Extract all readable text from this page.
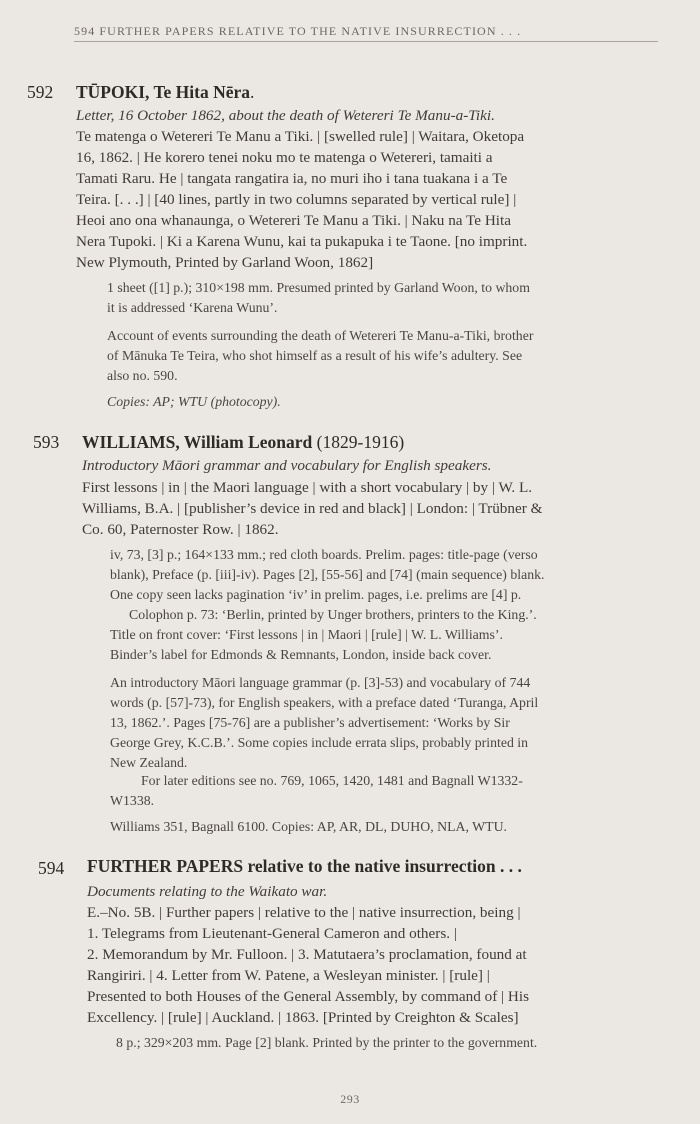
594 FURTHER PAPERS RELATIVE TO THE NATIVE INSURRECTION . . .
592 TŪPOKI, Te Hita Nēra.
Letter, 16 October 1862, about the death of Wetereri Te Manu-a-Tiki.
Te matenga o Wetereri Te Manu a Tiki. | [swelled rule] | Waitara, Oketopa
16, 1862. | He korero tenei noku mo te matenga o Wetereri, tamaiti a
Tamati Raru. He | tangata rangatira ia, no muri iho i tana tuakana i a Te
Teira. [. . .] | [40 lines, partly in two columns separated by vertical rule] |
Heoi ano ona whanaunga, o Wetereri Te Manu a Tiki. | Naku na Te Hita
Nera Tupoki. | Ki a Karena Wunu, kai ta pukapuka i te Taone. [no imprint.
New Plymouth, Printed by Garland Woon, 1862]
1 sheet ([1] p.); 310×198 mm. Presumed printed by Garland Woon, to whom
it is addressed ‘Karena Wunu’.
Account of events surrounding the death of Wetereri Te Manu-a-Tiki, brother
of Mānuka Te Teira, who shot himself as a result of his wife’s adultery. See
also no. 590.
Copies: AP; WTU (photocopy).
593 WILLIAMS, William Leonard (1829-1916)
Introductory Māori grammar and vocabulary for English speakers.
First lessons | in | the Maori language | with a short vocabulary | by | W. L.
Williams, B.A. | [publisher’s device in red and black] | London: | Trübner &
Co. 60, Paternoster Row. | 1862.
iv, 73, [3] p.; 164×133 mm.; red cloth boards. Prelim. pages: title-page (verso
blank), Preface (p. [iii]-iv). Pages [2], [55-56] and [74] (main sequence) blank.
One copy seen lacks pagination ‘iv’ in prelim. pages, i.e. prelims are [4] p.
Colophon p. 73: ‘Berlin, printed by Unger brothers, printers to the King.’.
Title on front cover: ‘First lessons | in | Maori | [rule] | W. L. Williams’.
Binder’s label for Edmonds & Remnants, London, inside back cover.
An introductory Māori language grammar (p. [3]-53) and vocabulary of 744
words (p. [57]-73), for English speakers, with a preface dated ‘Turanga, April
13, 1862.’. Pages [75-76] are a publisher’s advertisement: ‘Works by Sir
George Grey, K.C.B.’. Some copies include errata slips, probably printed in
New Zealand.
For later editions see no. 769, 1065, 1420, 1481 and Bagnall W1332-
W1338.
Williams 351, Bagnall 6100. Copies: AP, AR, DL, DUHO, NLA, WTU.
594 FURTHER PAPERS relative to the native insurrection . . .
Documents relating to the Waikato war.
E.–No. 5B. | Further papers | relative to the | native insurrection, being |
1. Telegrams from Lieutenant-General Cameron and others. |
2. Memorandum by Mr. Fulloon. | 3. Matutaera’s proclamation, found at
Rangiriri. | 4. Letter from W. Patene, a Wesleyan minister. | [rule] |
Presented to both Houses of the General Assembly, by command of | His
Excellency. | [rule] | Auckland. | 1863. [Printed by Creighton & Scales]
8 p.; 329×203 mm. Page [2] blank. Printed by the printer to the government.
293
